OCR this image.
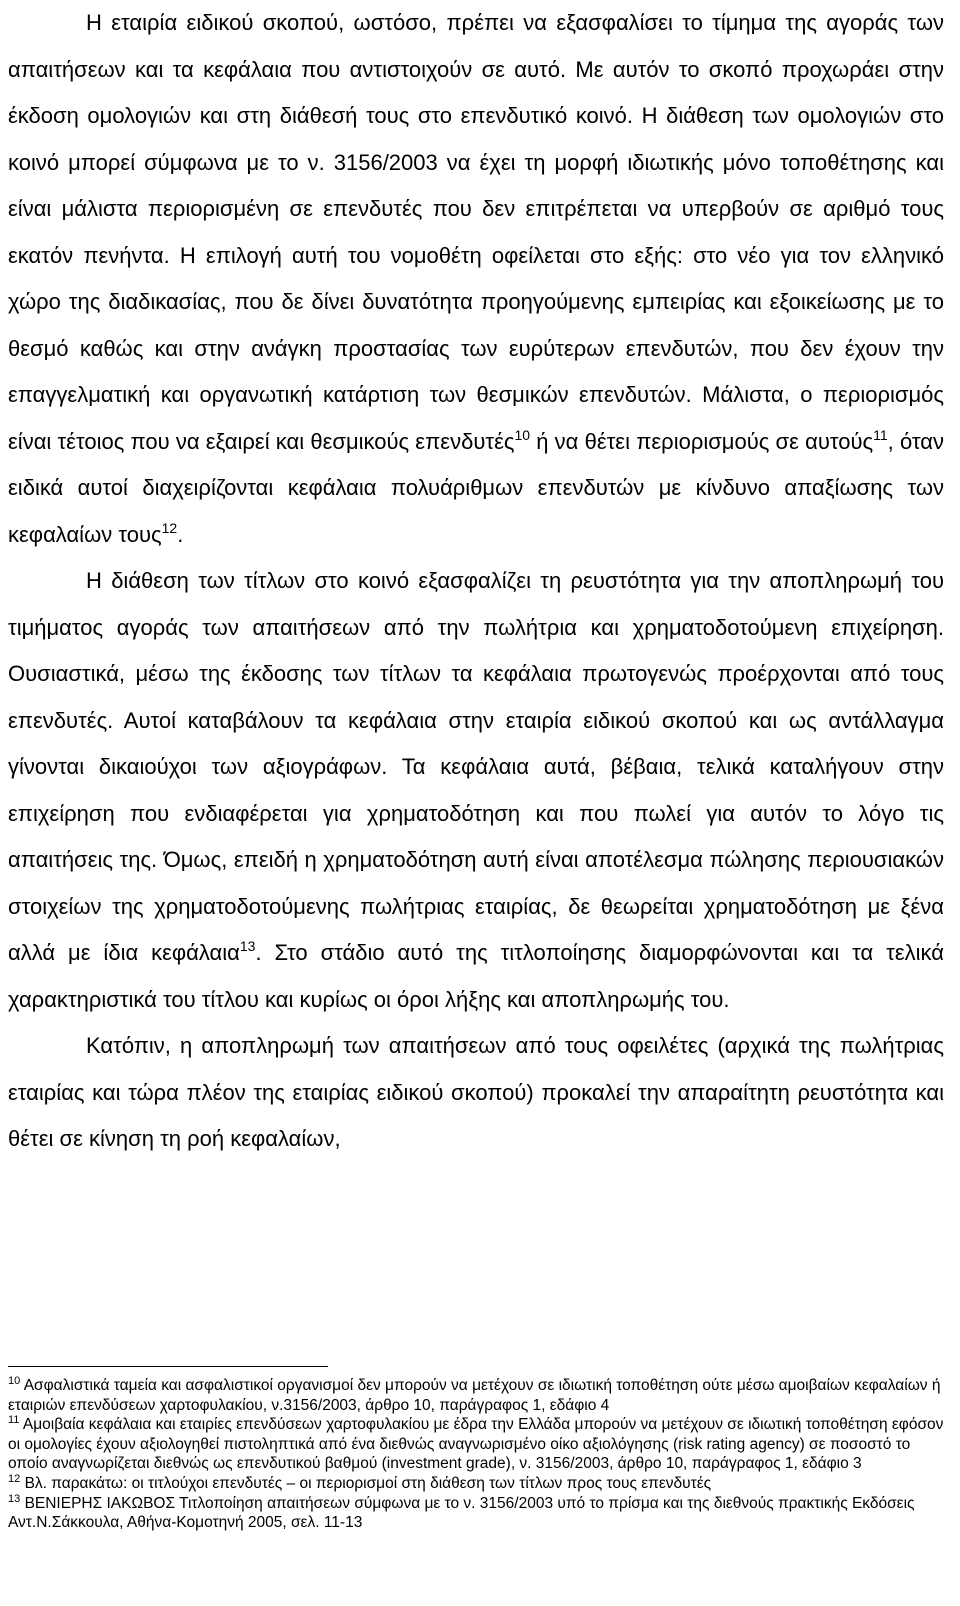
Η εταιρία ειδικού σκοπού, ωστόσο, πρέπει να εξασφαλίσει το τίμημα της αγοράς των απαιτήσεων και τα κεφάλαια που αντιστοιχούν σε αυτό. Με αυτόν το σκοπό προχωράει στην έκδοση ομολογιών και στη διάθεσή τους στο επενδυτικό κοινό. Η διάθεση των ομολογιών στο κοινό μπορεί σύμφωνα με το ν. 3156/2003 να έχει τη μορφή ιδιωτικής μόνο τοποθέτησης και είναι μάλιστα περιορισμένη σε επενδυτές που δεν επιτρέπεται να υπερβούν σε αριθμό τους εκατόν πενήντα. Η επιλογή αυτή του νομοθέτη οφείλεται στο εξής: στο νέο για τον ελληνικό χώρο της διαδικασίας, που δε δίνει δυνατότητα προηγούμενης εμπειρίας και εξοικείωσης με το θεσμό καθώς και στην ανάγκη προστασίας των ευρύτερων επενδυτών, που δεν έχουν την επαγγελματική και οργανωτική κατάρτιση των θεσμικών επενδυτών. Μάλιστα, ο περιορισμός είναι τέτοιος που να εξαιρεί και θεσμικούς επενδυτές$^{10}$ ή να θέτει περιορισμούς σε αυτούς$^{11}$, όταν ειδικά αυτοί διαχειρίζονται κεφάλαια πολυάριθμων επενδυτών με κίνδυνο απαξίωσης των κεφαλαίων τους$^{12}$.

Η διάθεση των τίτλων στο κοινό εξασφαλίζει τη ρευστότητα για την αποπληρωμή του τιμήματος αγοράς των απαιτήσεων από την πωλήτρια και χρηματοδοτούμενη επιχείρηση. Ουσιαστικά, μέσω της έκδοσης των τίτλων τα κεφάλαια πρωτογενώς προέρχονται από τους επενδυτές. Αυτοί καταβάλουν τα κεφάλαια στην εταιρία ειδικού σκοπού και ως αντάλλαγμα γίνονται δικαιούχοι των αξιογράφων. Τα κεφάλαια αυτά, βέβαια, τελικά καταλήγουν στην επιχείρηση που ενδιαφέρεται για χρηματοδότηση και που πωλεί για αυτόν το λόγο τις απαιτήσεις της. Όμως, επειδή η χρηματοδότηση αυτή είναι αποτέλεσμα πώλησης περιουσιακών στοιχείων της χρηματοδοτούμενης πωλήτριας εταιρίας, δε θεωρείται χρηματοδότηση με ξένα αλλά με ίδια κεφάλαια$^{13}$. Στο στάδιο αυτό της τιτλοποίησης διαμορφώνονται και τα τελικά χαρακτηριστικά του τίτλου και κυρίως οι όροι λήξης και αποπληρωμής του.

Κατόπιν, η αποπληρωμή των απαιτήσεων από τους οφειλέτες (αρχικά της πωλήτριας εταιρίας και τώρα πλέον της εταιρίας ειδικού σκοπού) προκαλεί την απαραίτητη ρευστότητα και θέτει σε κίνηση τη ροή κεφαλαίων,

$^{10}$ Ασφαλιστικά ταμεία και ασφαλιστικοί οργανισμοί δεν μπορούν να μετέχουν σε ιδιωτική τοποθέτηση ούτε μέσω αμοιβαίων κεφαλαίων ή εταιριών επενδύσεων χαρτοφυλακίου, ν.3156/2003, άρθρο 10, παράγραφος 1, εδάφιο 4

$^{11}$ Αμοιβαία κεφάλαια και εταιρίες επενδύσεων χαρτοφυλακίου με έδρα την Ελλάδα μπορούν να μετέχουν σε ιδιωτική τοποθέτηση εφόσον οι ομολογίες έχουν αξιολογηθεί πιστοληπτικά από ένα διεθνώς αναγνωρισμένο οίκο αξιολόγησης (risk rating agency) σε ποσοστό το οποίο αναγνωρίζεται διεθνώς ως επενδυτικού βαθμού (investment grade), ν. 3156/2003, άρθρο 10, παράγραφος 1, εδάφιο 3

$^{12}$ Βλ. παρακάτω: οι τιτλούχοι επενδυτές – οι περιορισμοί στη διάθεση των τίτλων προς τους επενδυτές

$^{13}$ ΒΕΝΙΕΡΗΣ ΙΑΚΩΒΟΣ Τιτλοποίηση απαιτήσεων σύμφωνα με το ν. 3156/2003 υπό το πρίσμα και της διεθνούς πρακτικής Εκδόσεις Αντ.Ν.Σάκκουλα, Αθήνα-Κομοτηνή 2005, σελ. 11-13
